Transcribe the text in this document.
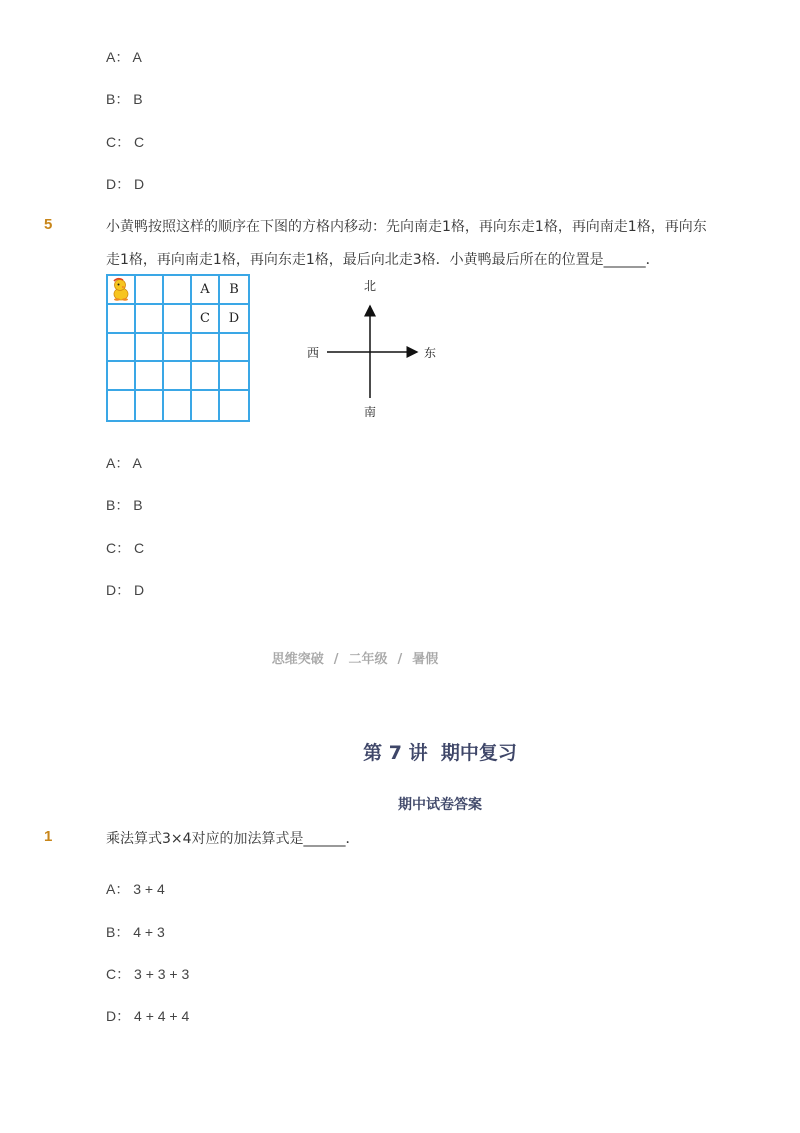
A： A
B： B
C： C
D： D
5	小黄鸭按照这样的顺序在下图的方格内移动：先向南走1格，再向东走1格，再向南走1格，再向东
走1格，再向南走1格，再向东走1格，最后向北走3格．小黄鸭最后所在的位置是______．
A	B
C	D
北
南
东
西
A： A
B： B
C： C
D： D
思维突破 / 二年级 / 暑假
第 7 讲  期中复习
期中试卷答案
1	乘法算式3×4对应的加法算式是______．
A： 3 + 4
B： 4 + 3
C： 3 + 3 + 3
D： 4 + 4 + 4
